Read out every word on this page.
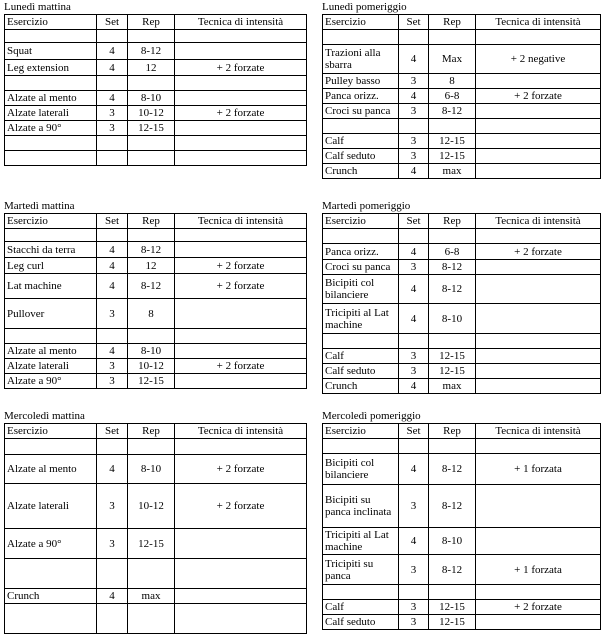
Lunedì mattina
Esercizio	Set	Rep	Tecnica di intensità

Squat	4	8-12	
Leg extension	4	12	+ 2 forzate

Alzate al mento	4	8-10	
Alzate laterali	3	10-12	+ 2 forzate
Alzate a 90°	3	12-15	

Lunedì pomeriggio
Esercizio	Set	Rep	Tecnica di intensità

Trazioni alla sbarra	4	Max	+ 2 negative
Pulley basso	3	8	
Panca orizz.	4	6-8	+ 2 forzate
Croci su panca	3	8-12	

Calf	3	12-15	
Calf seduto	3	12-15	
Crunch	4	max	
Martedì mattina
Esercizio	Set	Rep	Tecnica di intensità

Stacchi da terra	4	8-12	
Leg curl	4	12	+ 2 forzate
Lat machine	4	8-12	+ 2 forzate
Pullover	3	8	

Alzate al mento	4	8-10	
Alzate laterali	3	10-12	+ 2 forzate
Alzate a 90°	3	12-15	
Martedì pomeriggio
Esercizio	Set	Rep	Tecnica di intensità

Panca orizz.	4	6-8	+ 2 forzate
Croci su panca	3	8-12	
Bicipiti col bilanciere	4	8-12	
Tricipiti al Lat machine	4	8-10	

Calf	3	12-15	
Calf seduto	3	12-15	
Crunch	4	max	
Mercoledì mattina
Esercizio	Set	Rep	Tecnica di intensità

Alzate al mento	4	8-10	+ 2 forzate
Alzate laterali	3	10-12	+ 2 forzate
Alzate a 90°	3	12-15	

Crunch	4	max	

Mercoledì pomeriggio
Esercizio	Set	Rep	Tecnica di intensità

Bicipiti col bilanciere	4	8-12	+ 1 forzata
Bicipiti su panca inclinata	3	8-12	
Tricipiti al Lat machine	4	8-10	
Tricipiti su panca	3	8-12	+ 1 forzata

Calf	3	12-15	+ 2 forzate
Calf seduto	3	12-15	
